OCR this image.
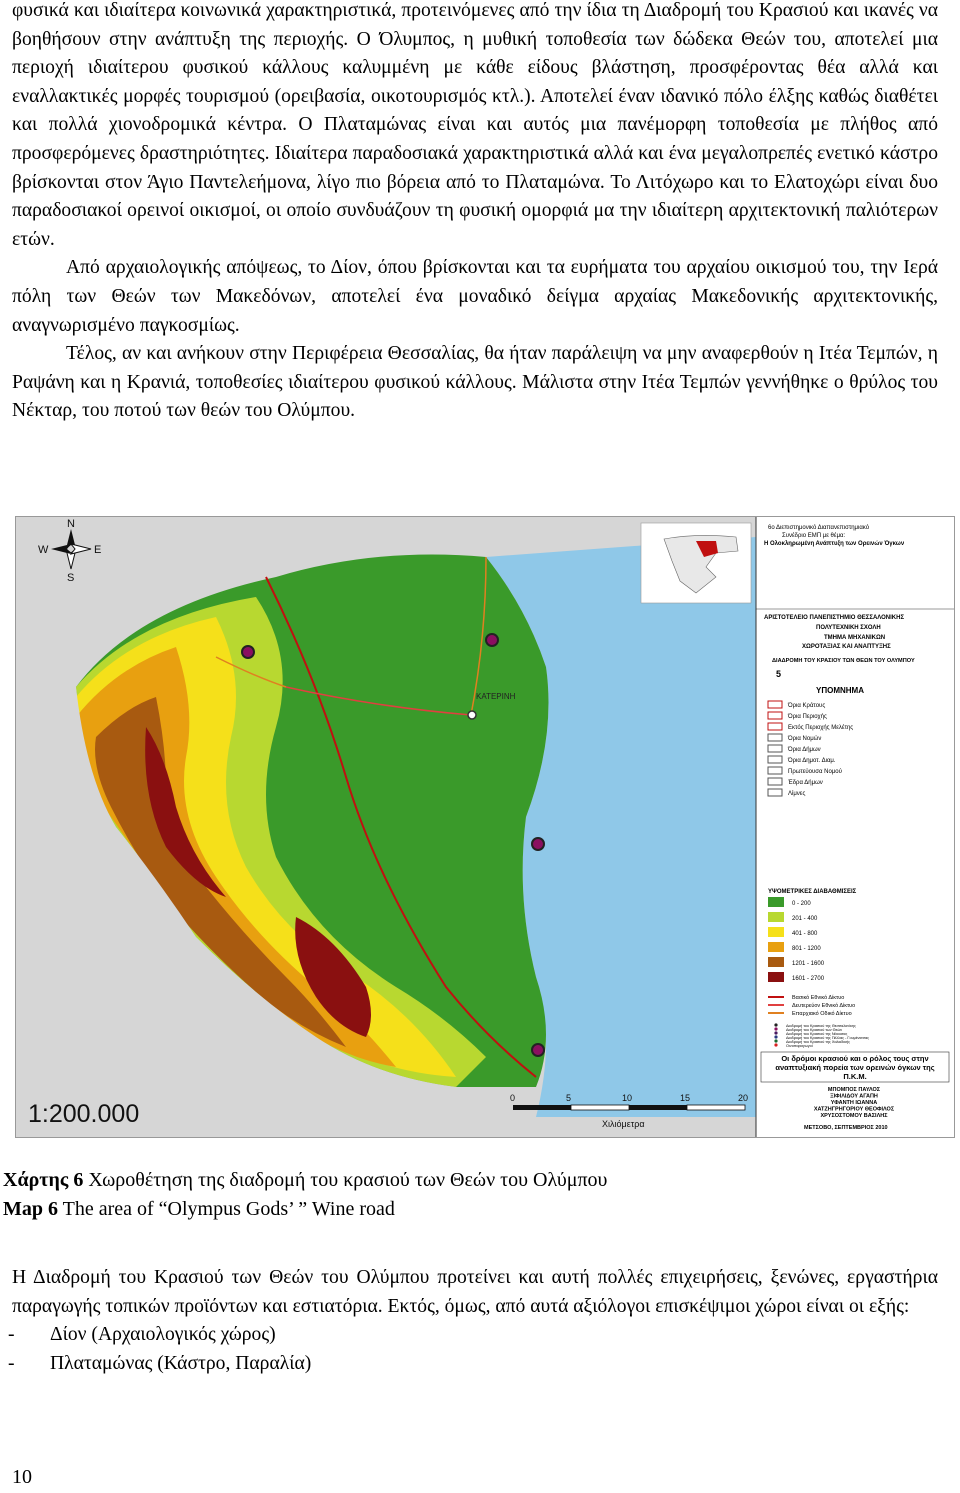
φυσικά και ιδιαίτερα κοινωνικά χαρακτηριστικά, προτεινόμενες από την ίδια τη Διαδρομή του Κρασιού και ικανές να βοηθήσουν στην ανάπτυξη της περιοχής. Ο Όλυμπος, η μυθική τοποθεσία των δώδεκα Θεών του, αποτελεί μια περιοχή ιδιαίτερου φυσικού κάλλους καλυμμένη με κάθε είδους βλάστηση, προσφέροντας θέα αλλά και εναλλακτικές μορφές τουρισμού (ορειβασία, οικοτουρισμός κτλ.). Αποτελεί έναν ιδανικό πόλο έλξης καθώς διαθέτει και πολλά χιονοδρομικά κέντρα. Ο Πλαταμώνας είναι και αυτός μια πανέμορφη τοποθεσία με πλήθος από προσφερόμενες δραστηριότητες. Ιδιαίτερα παραδοσιακά χαρακτηριστικά αλλά και ένα μεγαλοπρεπές ενετικό κάστρο βρίσκονται στον Άγιο Παντελεήμονα, λίγο πιο βόρεια από το Πλαταμώνα. Το Λιτόχωρο και το Ελατοχώρι είναι δυο παραδοσιακοί ορεινοί οικισμοί, οι οποίο συνδυάζουν τη φυσική ομορφιά μα την ιδιαίτερη αρχιτεκτονική παλιότερων ετών.

Από αρχαιολογικής απόψεως, το Δίον, όπου βρίσκονται και τα ευρήματα του αρχαίου οικισμού του, την Ιερά πόλη των Θεών των Μακεδόνων, αποτελεί ένα μοναδικό δείγμα αρχαίας Μακεδονικής αρχιτεκτονικής, αναγνωρισμένο παγκοσμίως.

Τέλος, αν και ανήκουν στην Περιφέρεια Θεσσαλίας, θα ήταν παράλειψη να μην αναφερθούν η Ιτέα Τεμπών, η Ραψάνη και η Κρανιά, τοποθεσίες ιδιαίτερου φυσικού κάλλους. Μάλιστα στην Ιτέα Τεμπών γεννήθηκε ο θρύλος του Νέκταρ, του ποτού των θεών του Ολύμπου.

ΚΑΤΕΡΙΝΗ
N
S
W	E
1:200.000
0	5	10	15	20
Χιλιόμετρα
6ο Διεπιστημονικό Διαπανεπιστημιακό
Συνέδριο ΕΜΠ με θέμα:
Η Ολοκληρωμένη Ανάπτυξη των Ορεινών Όγκων
ΑΡΙΣΤΟΤΕΛΕΙΟ ΠΑΝΕΠΙΣΤΗΜΙΟ ΘΕΣΣΑΛΟΝΙΚΗΣ
ΠΟΛΥΤΕΧΝΙΚΗ ΣΧΟΛΗ
ΤΜΗΜΑ ΜΗΧΑΝΙΚΩΝ
ΧΩΡΟΤΑΞΙΑΣ ΚΑΙ ΑΝΑΠΤΥΞΗΣ
ΔΙΑΔΡΟΜΗ ΤΟΥ ΚΡΑΣΙΟΥ ΤΩΝ ΘΕΩΝ ΤΟΥ ΟΛΥΜΠΟΥ
5
ΥΠΟΜΝΗΜΑ
Όρια Κράτους
Όρια Περιοχής
Εκτός Περιοχής Μελέτης
Όρια Νομών
Όρια Δήμων
Όρια Δημοτ. Διαμ.
Πρωτεύουσα Νομού
Έδρα Δήμων
Λίμνες
ΥΨΟΜΕΤΡΙΚΕΣ ΔΙΑΒΑΘΜΙΣΕΙΣ
0 - 200
201 - 400
401 - 800
801 - 1200
1201 - 1600
1601 - 2700
Βασικό Εθνικό Δίκτυο
Δευτερεύον Εθνικό Δίκτυο
Επαρχιακό Οδικό Δίκτυο
Διαδρομή του Κρασιού της Θεσσαλονίκης
Διαδρομή του Κρασιού των Θεών
Διαδρομή του Κρασιού της Νάουσας
Διαδρομή του Κρασιού της Πέλλας - Γουμένισσας
Διαδρομή του Κρασιού της Χαλκιδικής
Οινοπαραγωγοί
Οι δρόμοι κρασιού και ο ρόλος τους στην αναπτυξιακή πορεία των ορεινών όγκων της Π.Κ.Μ.
ΜΠΟΜΠΟΣ ΠΑΥΛΟΣ
ΞΙΦΙΛΙΔΟΥ ΑΓΑΠΗ
ΥΦΑΝΤΗ ΙΩΑΝΝΑ
ΧΑΤΖΗΓΡΗΓΟΡΙΟΥ ΘΕΟΦΙΛΟΣ
ΧΡΥΣΟΣΤΟΜΟΥ ΒΑΣΙΛΗΣ
ΜΕΤΣΟΒΟ, ΣΕΠΤΕΜΒΡΙΟΣ 2010
Χάρτης 6 Χωροθέτηση της διαδρομή του κρασιού των Θεών του Ολύμπου
Map 6 The area of “Olympus Gods’ ” Wine road

Η Διαδρομή του Κρασιού των Θεών του Ολύμπου προτείνει και αυτή πολλές επιχειρήσεις, ξενώνες, εργαστήρια παραγωγής τοπικών προϊόντων και εστιατόρια. Εκτός, όμως, από αυτά αξιόλογοι επισκέψιμοι χώροι είναι οι εξής:

- Δίον (Αρχαιολογικός χώρος)
- Πλαταμώνας (Κάστρο, Παραλία)
10
